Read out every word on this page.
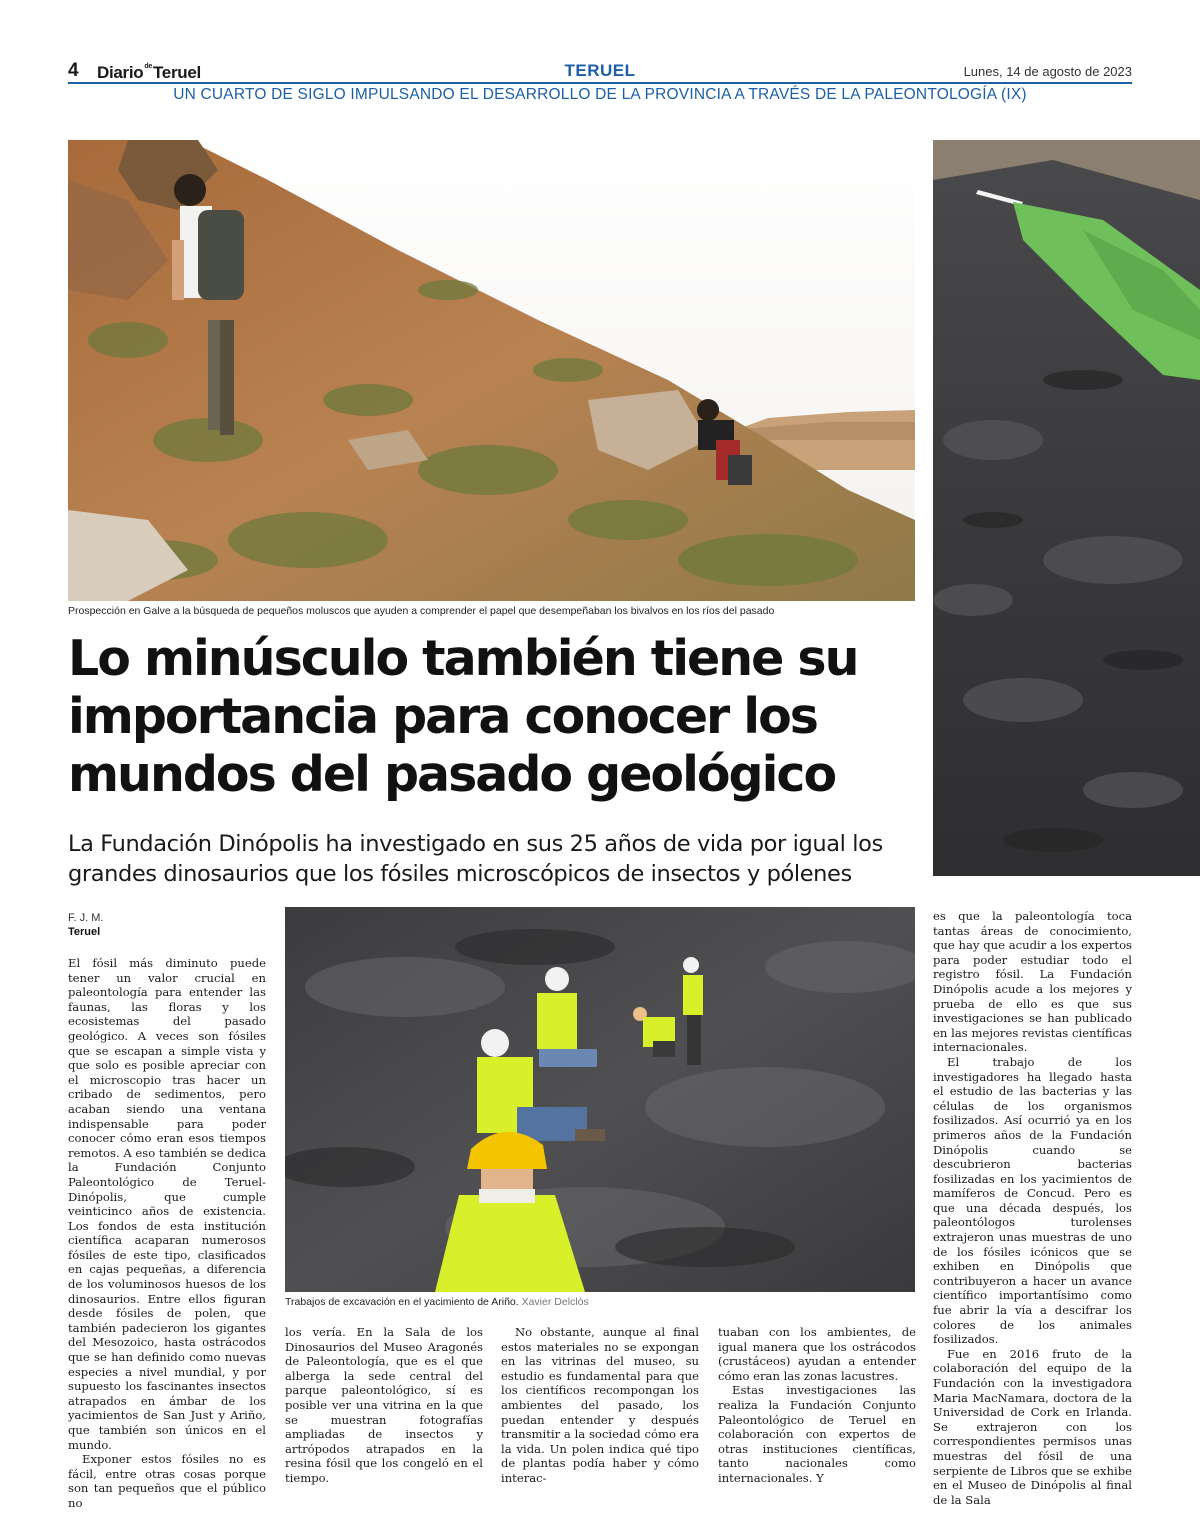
4 Diario$^{de}$Teruel	TERUEL	Lunes, 14 de agosto de 2023
UN CUARTO DE SIGLO IMPULSANDO EL DESARROLLO DE LA PROVINCIA A TRAVÉS DE LA PALEONTOLOGÍA (IX)
Prospección en Galve a la búsqueda de pequeños moluscos que ayuden a comprender el papel que desempeñaban los bivalvos en los ríos del pasado
Lo minúsculo también tiene su importancia para conocer los mundos del pasado geológico

La Fundación Dinópolis ha investigado en sus 25 años de vida por igual los grandes dinosaurios que los fósiles microscópicos de insectos y pólenes

F. J. M.
Teruel
Trabajos de excavación en el yacimiento de Ariño. Xavier Delclòs

El fósil más diminuto puede tener un valor crucial en paleontología para entender las faunas, las floras y los ecosistemas del pasado geológico. A veces son fósiles que se escapan a simple vista y que solo es posible apreciar con el microscopio tras hacer un cribado de sedimentos, pero acaban siendo una ventana indispensable para poder conocer cómo eran esos tiempos remotos. A eso también se dedica la Fundación Conjunto Paleontológico de Teruel-Dinópolis, que cumple veinticinco años de existencia. Los fondos de esta institución científica acaparan numerosos fósiles de este tipo, clasificados en cajas pequeñas, a diferencia de los voluminosos huesos de los dinosaurios. Entre ellos figuran desde fósiles de polen, que también padecieron los gigantes del Mesozoico, hasta ostrácodos que se han definido como nuevas especies a nivel mundial, y por supuesto los fascinantes insectos atrapados en ámbar de los yacimientos de San Just y Ariño, que también son únicos en el mundo.

Exponer estos fósiles no es fácil, entre otras cosas porque son tan pequeños que el público no

los vería. En la Sala de los Dinosaurios del Museo Aragonés de Paleontología, que es el que alberga la sede central del parque paleontológico, sí es posible ver una vitrina en la que se muestran fotografías ampliadas de insectos y artrópodos atrapados en la resina fósil que los congeló en el tiempo.

No obstante, aunque al final estos materiales no se expongan en las vitrinas del museo, su estudio es fundamental para que los científicos recompongan los ambientes del pasado, los puedan entender y después transmitir a la sociedad cómo era la vida. Un polen indica qué tipo de plantas podía haber y cómo interac-

tuaban con los ambientes, de igual manera que los ostrácodos (crustáceos) ayudan a entender cómo eran las zonas lacustres.

Estas investigaciones las realiza la Fundación Conjunto Paleontológico de Teruel en colaboración con expertos de otras instituciones científicas, tanto nacionales como internacionales. Y

es que la paleontología toca tantas áreas de conocimiento, que hay que acudir a los expertos para poder estudiar todo el registro fósil. La Fundación Dinópolis acude a los mejores y prueba de ello es que sus investigaciones se han publicado en las mejores revistas científicas internacionales.

El trabajo de los investigadores ha llegado hasta el estudio de las bacterias y las células de los organismos fosilizados. Así ocurrió ya en los primeros años de la Fundación Dinópolis cuando se descubrieron bacterias fosilizadas en los yacimientos de mamíferos de Concud. Pero es que una década después, los paleontólogos turolenses extrajeron unas muestras de uno de los fósiles icónicos que se exhiben en Dinópolis que contribuyeron a hacer un avance científico importantísimo como fue abrir la vía a descifrar los colores de los animales fosilizados.

Fue en 2016 fruto de la colaboración del equipo de la Fundación con la investigadora Maria MacNamara, doctora de la Universidad de Cork en Irlanda. Se extrajeron con los correspondientes permisos unas muestras del fósil de una serpiente de Libros que se exhibe en el Museo de Dinópolis al final de la Sala
